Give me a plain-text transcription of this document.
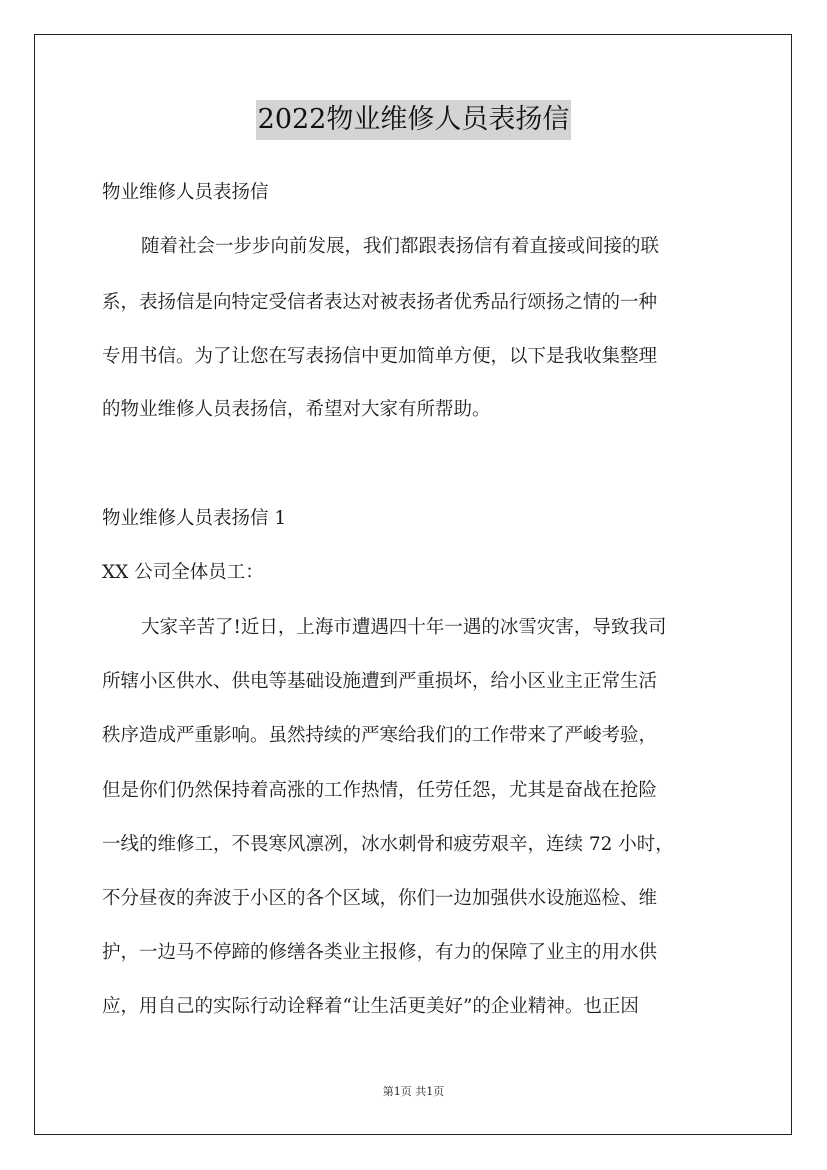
2022物业维修人员表扬信
物业维修人员表扬信
随着社会一步步向前发展，我们都跟表扬信有着直接或间接的联
系，表扬信是向特定受信者表达对被表扬者优秀品行颂扬之情的一种
专用书信。为了让您在写表扬信中更加简单方便，以下是我收集整理
的物业维修人员表扬信，希望对大家有所帮助。
物业维修人员表扬信 1
XX 公司全体员工：
大家辛苦了!近日，上海市遭遇四十年一遇的冰雪灾害，导致我司
所辖小区供水、供电等基础设施遭到严重损坏，给小区业主正常生活
秩序造成严重影响。虽然持续的严寒给我们的工作带来了严峻考验，
但是你们仍然保持着高涨的工作热情，任劳任怨，尤其是奋战在抢险
一线的维修工，不畏寒风凛冽，冰水刺骨和疲劳艰辛，连续 72 小时，
不分昼夜的奔波于小区的各个区域，你们一边加强供水设施巡检、维
护，一边马不停蹄的修缮各类业主报修，有力的保障了业主的用水供
应，用自己的实际行动诠释着“让生活更美好”的企业精神。也正因
第1页 共1页
